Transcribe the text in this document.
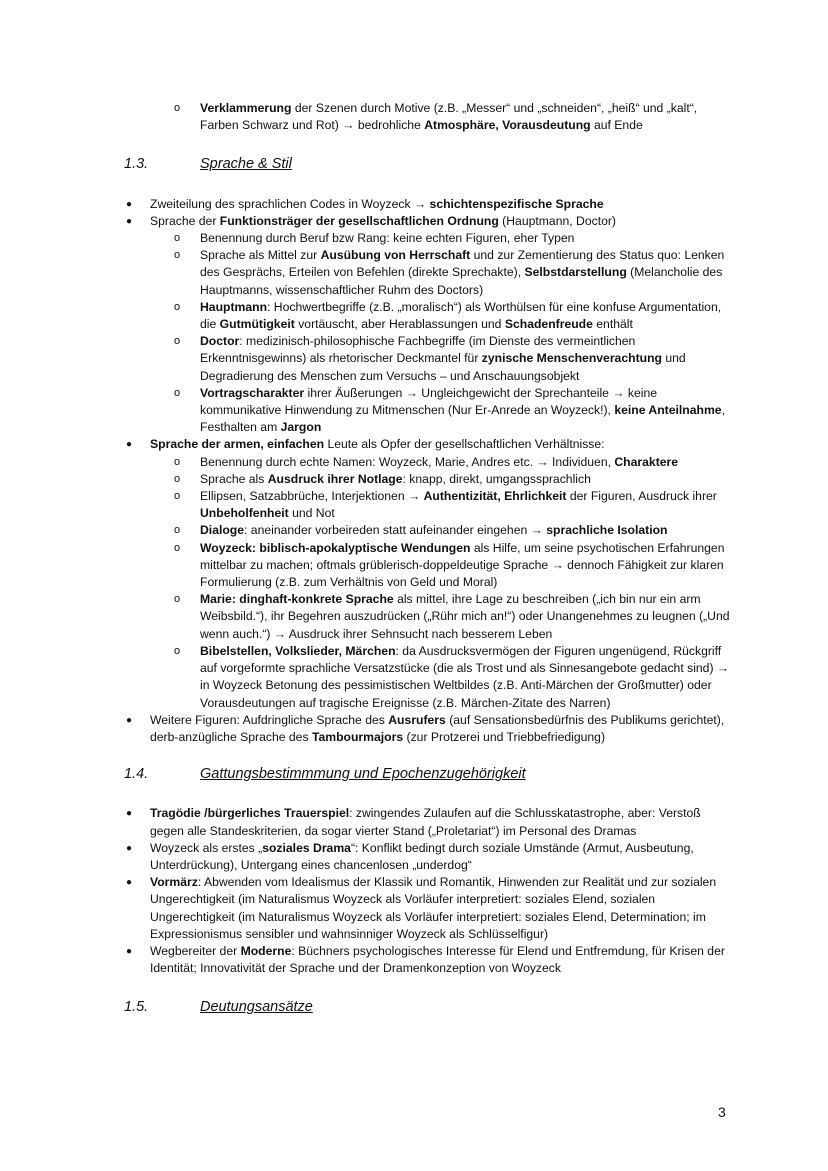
o Verklammerung der Szenen durch Motive (z.B. „Messer“ und „schneiden“, „heiß“ und „kalt“, Farben Schwarz und Rot) → bedrohliche Atmosphäre, Vorausdeutung auf Ende

1.3.	Sprache & Stil

● Zweiteilung des sprachlichen Codes in Woyzeck → schichtenspezifische Sprache

● Sprache der Funktionsträger der gesellschaftlichen Ordnung (Hauptmann, Doctor)

o Benennung durch Beruf bzw Rang: keine echten Figuren, eher Typen

o Sprache als Mittel zur Ausübung von Herrschaft und zur Zementierung des Status quo: Lenken des Gesprächs, Erteilen von Befehlen (direkte Sprechakte), Selbstdarstellung (Melancholie des Hauptmanns, wissenschaftlicher Ruhm des Doctors)

o Hauptmann: Hochwertbegriffe (z.B. „moralisch“) als Worthülsen für eine konfuse Argumentation, die Gutmütigkeit vortäuscht, aber Herablassungen und Schadenfreude enthält

o Doctor: medizinisch-philosophische Fachbegriffe (im Dienste des vermeintlichen Erkenntnisgewinns) als rhetorischer Deckmantel für zynische Menschenverachtung und Degradierung des Menschen zum Versuchs – und Anschauungsobjekt

o Vortragscharakter ihrer Äußerungen → Ungleichgewicht der Sprechanteile → keine kommunikative Hinwendung zu Mitmenschen (Nur Er-Anrede an Woyzeck!), keine Anteilnahme, Festhalten am Jargon

● Sprache der armen, einfachen Leute als Opfer der gesellschaftlichen Verhältnisse:

o Benennung durch echte Namen: Woyzeck, Marie, Andres etc. → Individuen, Charaktere

o Sprache als Ausdruck ihrer Notlage: knapp, direkt, umgangssprachlich

o Ellipsen, Satzabbrüche, Interjektionen → Authentizität, Ehrlichkeit der Figuren, Ausdruck ihrer Unbeholfenheit und Not

o Dialoge: aneinander vorbeireden statt aufeinander eingehen → sprachliche Isolation

o Woyzeck: biblisch-apokalyptische Wendungen als Hilfe, um seine psychotischen Erfahrungen mittelbar zu machen; oftmals grüblerisch-doppeldeutige Sprache → dennoch Fähigkeit zur klaren Formulierung (z.B. zum Verhältnis von Geld und Moral)

o Marie: dinghaft-konkrete Sprache als mittel, ihre Lage zu beschreiben („ich bin nur ein arm Weibsbild.“), ihr Begehren auszudrücken („Rühr mich an!“) oder Unangenehmes zu leugnen („Und wenn auch.“) → Ausdruck ihrer Sehnsucht nach besserem Leben

o Bibelstellen, Volkslieder, Märchen: da Ausdrucksvermögen der Figuren ungenügend, Rückgriff auf vorgeformte sprachliche Versatzstücke (die als Trost und als Sinnesangebote gedacht sind) → in Woyzeck Betonung des pessimistischen Weltbildes (z.B. Anti-Märchen der Großmutter) oder Vorausdeutungen auf tragische Ereignisse (z.B. Märchen-Zitate des Narren)

● Weitere Figuren: Aufdringliche Sprache des Ausrufers (auf Sensationsbedürfnis des Publikums gerichtet), derb-anzügliche Sprache des Tambourmajors (zur Protzerei und Triebbefriedigung)

1.4.	Gattungsbestimmmung und Epochenzugehörigkeit

● Tragödie /bürgerliches Trauerspiel: zwingendes Zulaufen auf die Schlusskatastrophe, aber: Verstoß gegen alle Standeskriterien, da sogar vierter Stand („Proletariat“) im Personal des Dramas

● Woyzeck als erstes „soziales Drama“: Konflikt bedingt durch soziale Umstände (Armut, Ausbeutung, Unterdrückung), Untergang eines chancenlosen „underdog“

● Vormärz: Abwenden vom Idealismus der Klassik und Romantik, Hinwenden zur Realität und zur sozialen Ungerechtigkeit (im Naturalismus Woyzeck als Vorläufer interpretiert: soziales Elend, sozialen Ungerechtigkeit (im Naturalismus Woyzeck als Vorläufer interpretiert: soziales Elend, Determination; im Expressionismus sensibler und wahnsinniger Woyzeck als Schlüsselfigur)

● Wegbereiter der Moderne: Büchners psychologisches Interesse für Elend und Entfremdung, für Krisen der Identität; Innovativität der Sprache und der Dramenkonzeption von Woyzeck

1.5.	Deutungsansätze
3
